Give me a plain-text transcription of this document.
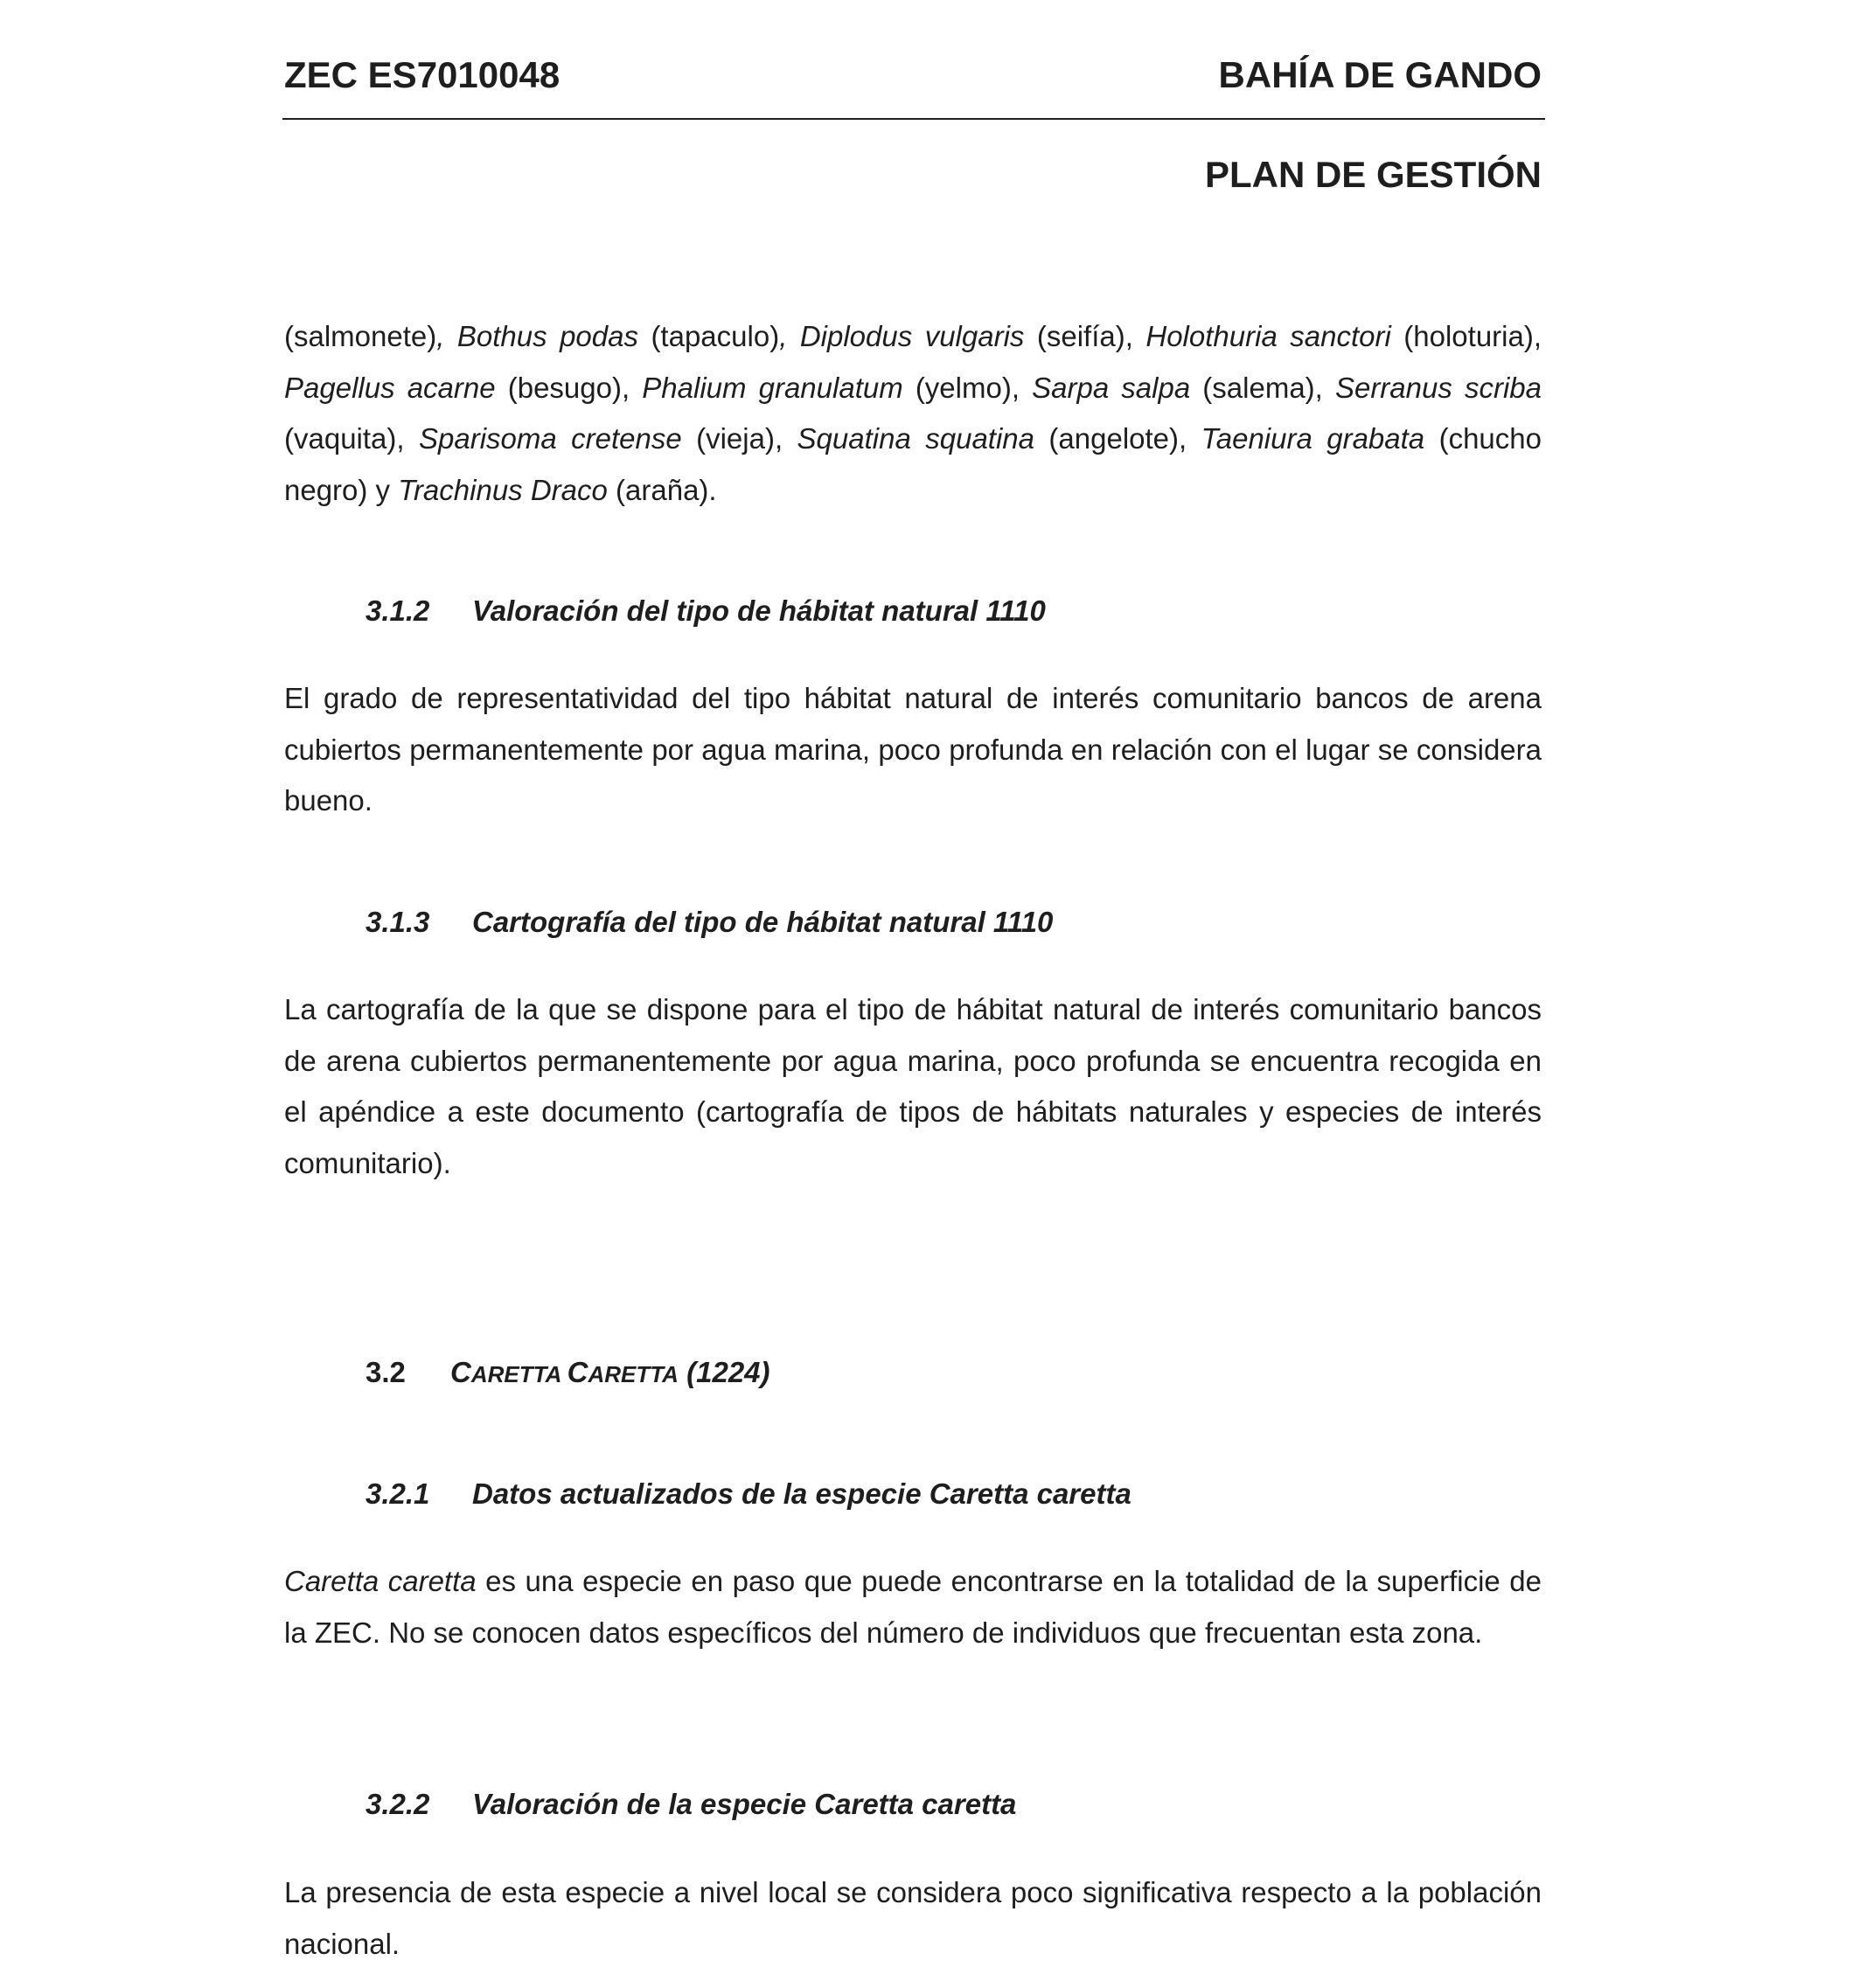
ZEC ES7010048	BAHÍA DE GANDO
PLAN DE GESTIÓN

(salmonete), Bothus podas (tapaculo), Diplodus vulgaris (seifía), Holothuria sanctori (holoturia), Pagellus acarne (besugo), Phalium granulatum (yelmo), Sarpa salpa (salema), Serranus scriba (vaquita), Sparisoma cretense (vieja), Squatina squatina (angelote), Taeniura grabata (chucho negro) y Trachinus Draco (araña).

3.1.2 Valoración del tipo de hábitat natural 1110

El grado de representatividad del tipo hábitat natural de interés comunitario bancos de arena cubiertos permanentemente por agua marina, poco profunda en relación con el lugar se considera bueno.

3.1.3 Cartografía del tipo de hábitat natural 1110

La cartografía de la que se dispone para el tipo de hábitat natural de interés comunitario bancos de arena cubiertos permanentemente por agua marina, poco profunda se encuentra recogida en el apéndice a este documento (cartografía de tipos de hábitats naturales y especies de interés comunitario).

3.2 CARETTA CARETTA (1224)
3.2.1 Datos actualizados de la especie Caretta caretta

Caretta caretta es una especie en paso que puede encontrarse en la totalidad de la superficie de la ZEC. No se conocen datos específicos del número de individuos que frecuentan esta zona.

3.2.2 Valoración de la especie Caretta caretta

La presencia de esta especie a nivel local se considera poco significativa respecto a la población nacional.
